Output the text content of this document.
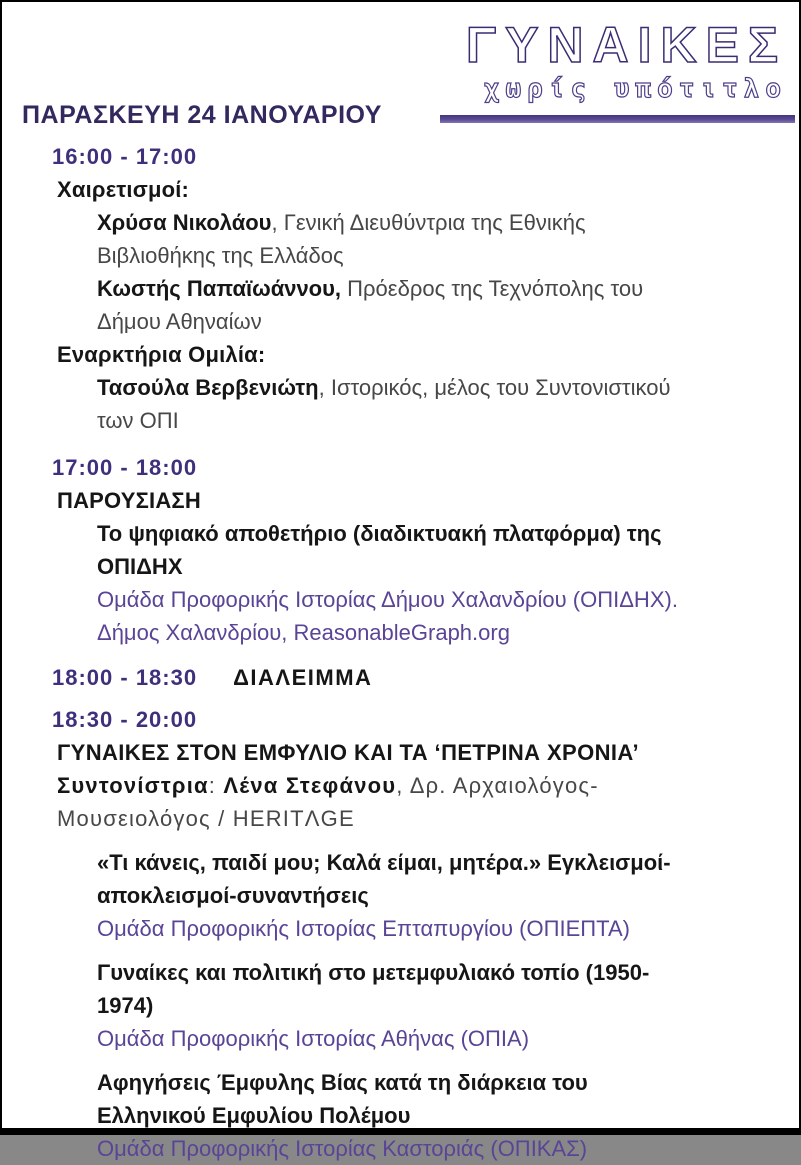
ΓΥΝΑΙΚΕΣ
χωρίς υπότιτλο
ΠΑΡΑΣΚΕΥΗ 24 ΙΑΝΟΥΑΡΙΟΥ
16:00 - 17:00
Χαιρετισμοί:

Χρύσα Νικολάου, Γενική Διευθύντρια της Εθνικής Βιβλιοθήκης της Ελλάδος

Κωστής Παπαϊωάννου, Πρόεδρος της Τεχνόπολης του Δήμου Αθηναίων

Εναρκτήρια Ομιλία:

Τασούλα Βερβενιώτη, Ιστορικός, μέλος του Συντονιστικού των ΟΠΙ

17:00 - 18:00
ΠΑΡΟΥΣΙΑΣΗ

Το ψηφιακό αποθετήριο (διαδικτυακή πλατφόρμα) της ΟΠΙΔΗΧ

Ομάδα Προφορικής Ιστορίας Δήμου Χαλανδρίου (ΟΠΙΔΗΧ). Δήμος Χαλανδρίου, ReasonableGraph.org

18:00 - 18:30 ΔΙΑΛΕΙΜΜΑ
18:30 - 20:00
ΓΥΝΑΙΚΕΣ ΣΤΟΝ ΕΜΦΥΛΙΟ ΚΑΙ ΤΑ ‘ΠΕΤΡΙΝΑ ΧΡΟΝΙΑ’

Συντονίστρια: Λένα Στεφάνου, Δρ. Αρχαιολόγος-Μουσειολόγος / HERITΛGE

«Τι κάνεις, παιδί μου; Καλά είμαι, μητέρα.» Εγκλεισμοί-αποκλεισμοί-συναντήσεις

Ομάδα Προφορικής Ιστορίας Επταπυργίου (ΟΠΙΕΠΤΑ)

Γυναίκες και πολιτική στο μετεμφυλιακό τοπίο (1950-1974)

Ομάδα Προφορικής Ιστορίας Αθήνας (ΟΠΙΑ)

Αφηγήσεις Έμφυλης Βίας κατά τη διάρκεια του Ελληνικού Εμφυλίου Πολέμου

Ομάδα Προφορικής Ιστορίας Καστοριάς (ΟΠΙΚΑΣ)
